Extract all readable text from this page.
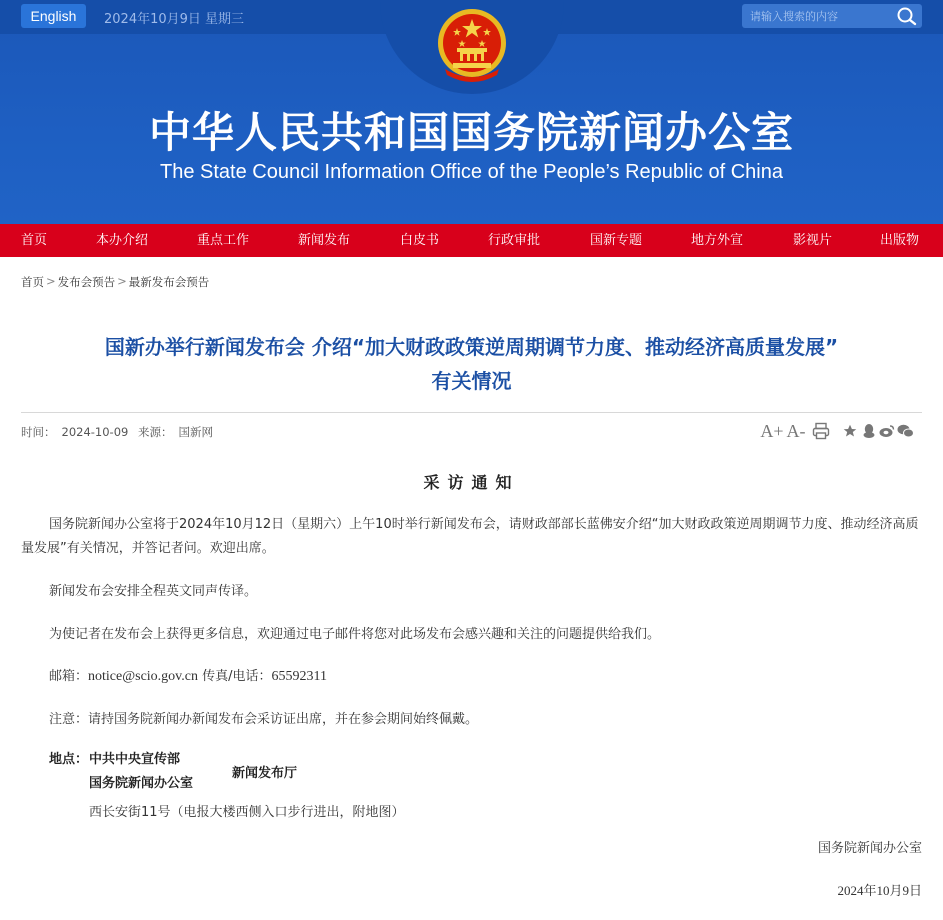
English	2024年10月9日 星期三
请输入搜索的内容
中华人民共和国国务院新闻办公室
The State Council Information Office of the People’s Republic of China
首页	本办介绍	重点工作	新闻发布	白皮书	行政审批	国新专题	地方外宣	影视片	出版物
首页 > 发布会预告 > 最新发布会预告
国新办举行新闻发布会 介绍“加大财政政策逆周期调节力度、推动经济高质量发展”
有关情况
时间： 2024-10-09 来源： 国新网	A+ A-
采访通知
国务院新闻办公室将于2024年10月12日（星期六）上午10时举行新闻发布会，请财政部部长蓝佛安介绍“加大财政政策逆周期调节力度、推动经济高质量发展”有关情况，并答记者问。欢迎出席。
新闻发布会安排全程英文同声传译。
为使记者在发布会上获得更多信息，欢迎通过电子邮件将您对此场发布会感兴趣和关注的问题提供给我们。
邮箱：notice@scio.gov.cn 传真/电话：65592311
注意：请持国务院新闻办新闻发布会采访证出席，并在参会期间始终佩戴。
地点： 中共中央宣传部
国务院新闻办公室
新闻发布厅
西长安街11号（电报大楼西侧入口步行进出，附地图）
国务院新闻办公室
2024年10月9日
